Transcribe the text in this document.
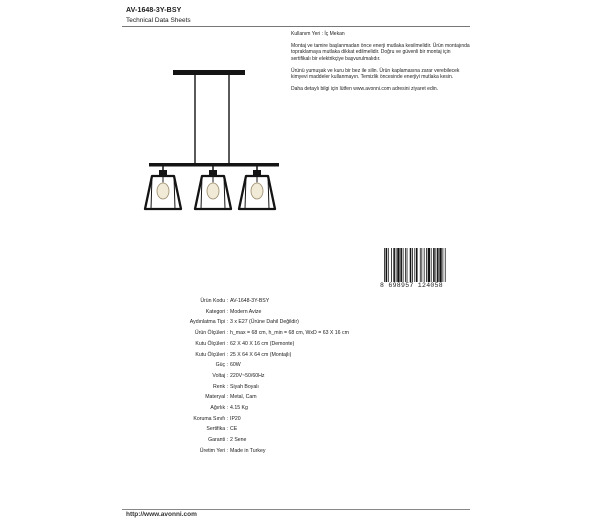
AV-1648-3Y-BSY
Technical Data Sheets

Kullanım Yeri : İç Mekan

Montaj ve tamire başlanmadan önce enerji mutlaka kesilmelidir. Ürün montajında topraklamaya mutlaka dikkat edilmelidir. Doğru ve güvenli bir montaj için sertifikalı bir elektrikçiye başvurulmalıdır.

Ürünü yumuşak ve kuru bir bez ile silin. Ürün kaplamasına zarar verebilecek kimyevi maddeler kullanmayın. Temizlik öncesinde enerjiyi mutlaka kesin.

Daha detaylı bilgi için lütfen www.avonni.com adresini ziyaret edin.

8 698957 124058
Ürün Kodu : AV-1648-3Y-BSY
Kategori : Modern Avize
Aydınlatma Tipi : 3 x E27 (Ürüne Dahil Değildir)
Ürün Ölçüleri : h_max = 68 cm, h_min = 68 cm, WxD = 63 X 16 cm
Kutu Ölçüleri : 62 X 40 X 16 cm (Demonte)
Kutu Ölçüleri : 25 X 64 X 64 cm (Montajlı)
Güç : 60W
Voltaj : 220V~50/60Hz
Renk : Siyah Boyalı
Materyal : Metal, Cam
Ağırlık : 4.15 Kg
Koruma Sınıfı : IP20
Sertifika : CE
Garanti : 2 Sene
Üretim Yeri : Made in Turkey
http://www.avonni.com
